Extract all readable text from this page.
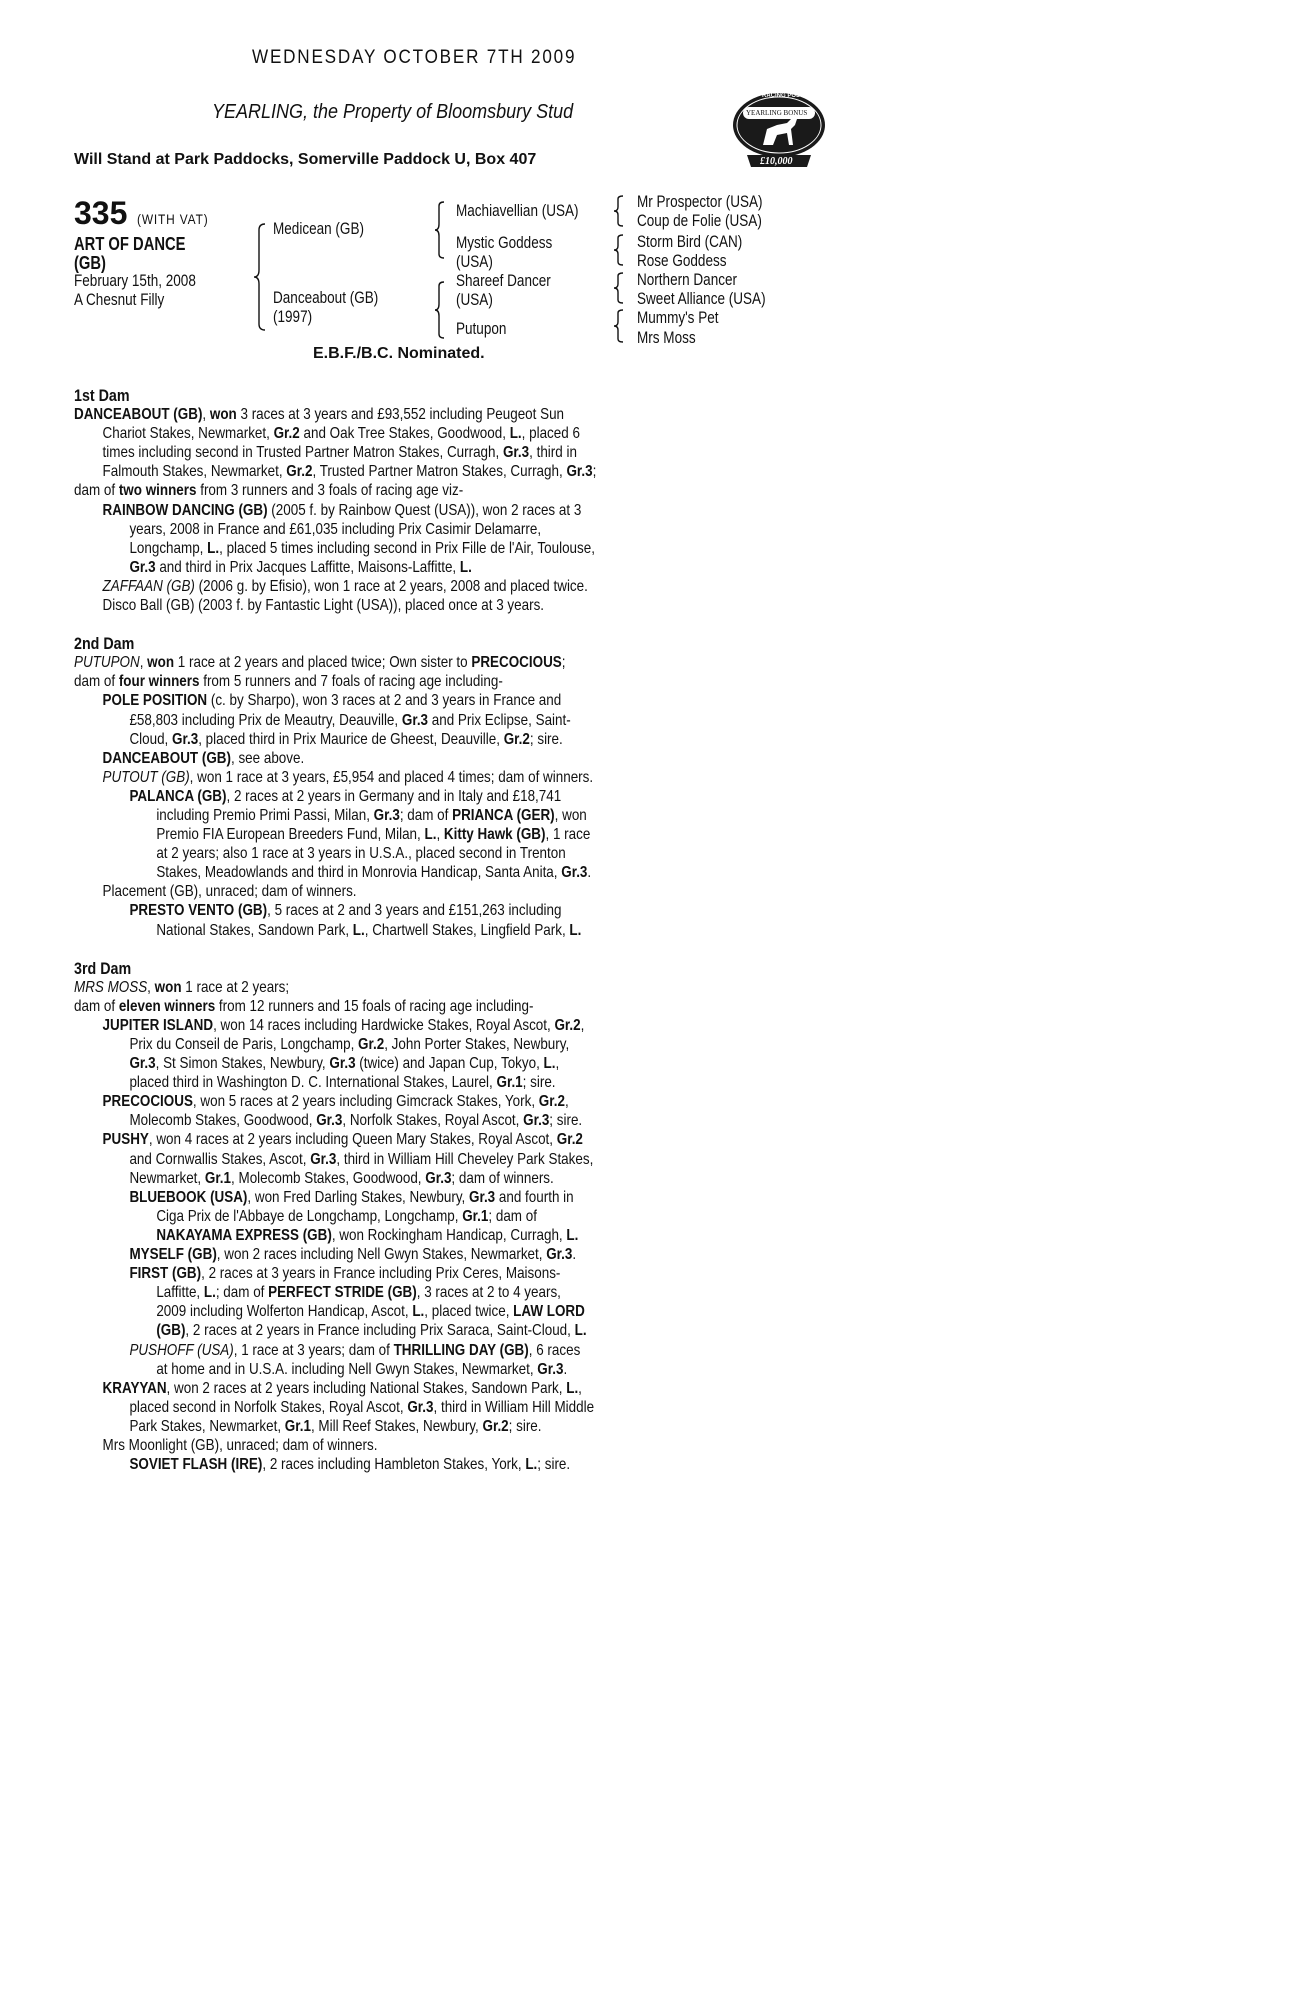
WEDNESDAY OCTOBER 7TH 2009
YEARLING, the Property of Bloomsbury Stud
Will Stand at Park Paddocks, Somerville Paddock U, Box 407
RACING POST
YEARLING BONUS
£10,000
335 (WITH VAT)
ART OF DANCE
(GB)
February 15th, 2008
A Chesnut Filly
Medicean (GB)
Danceabout (GB)
(1997)
Machiavellian (USA)
Mystic Goddess
(USA)
Shareef Dancer
(USA)
Putupon
Mr Prospector (USA)
Coup de Folie (USA)
Storm Bird (CAN)
Rose Goddess
Northern Dancer
Sweet Alliance (USA)
Mummy's Pet
Mrs Moss
E.B.F./B.C. Nominated.

1st Dam

DANCEABOUT (GB), won 3 races at 3 years and £93,552 including Peugeot Sun

Chariot Stakes, Newmarket, Gr.2 and Oak Tree Stakes, Goodwood, L., placed 6

times including second in Trusted Partner Matron Stakes, Curragh, Gr.3, third in

Falmouth Stakes, Newmarket, Gr.2, Trusted Partner Matron Stakes, Curragh, Gr.3;

dam of two winners from 3 runners and 3 foals of racing age viz-

RAINBOW DANCING (GB) (2005 f. by Rainbow Quest (USA)), won 2 races at 3

years, 2008 in France and £61,035 including Prix Casimir Delamarre,

Longchamp, L., placed 5 times including second in Prix Fille de l'Air, Toulouse,

Gr.3 and third in Prix Jacques Laffitte, Maisons-Laffitte, L.

ZAFFAAN (GB) (2006 g. by Efisio), won 1 race at 2 years, 2008 and placed twice.

Disco Ball (GB) (2003 f. by Fantastic Light (USA)), placed once at 3 years.

2nd Dam

PUTUPON, won 1 race at 2 years and placed twice; Own sister to PRECOCIOUS;

dam of four winners from 5 runners and 7 foals of racing age including-

POLE POSITION (c. by Sharpo), won 3 races at 2 and 3 years in France and

£58,803 including Prix de Meautry, Deauville, Gr.3 and Prix Eclipse, Saint-

Cloud, Gr.3, placed third in Prix Maurice de Gheest, Deauville, Gr.2; sire.

DANCEABOUT (GB), see above.

PUTOUT (GB), won 1 race at 3 years, £5,954 and placed 4 times; dam of winners.

PALANCA (GB), 2 races at 2 years in Germany and in Italy and £18,741

including Premio Primi Passi, Milan, Gr.3; dam of PRIANCA (GER), won

Premio FIA European Breeders Fund, Milan, L., Kitty Hawk (GB), 1 race

at 2 years; also 1 race at 3 years in U.S.A., placed second in Trenton

Stakes, Meadowlands and third in Monrovia Handicap, Santa Anita, Gr.3.

Placement (GB), unraced; dam of winners.

PRESTO VENTO (GB), 5 races at 2 and 3 years and £151,263 including

National Stakes, Sandown Park, L., Chartwell Stakes, Lingfield Park, L.

3rd Dam

MRS MOSS, won 1 race at 2 years;

dam of eleven winners from 12 runners and 15 foals of racing age including-

JUPITER ISLAND, won 14 races including Hardwicke Stakes, Royal Ascot, Gr.2,

Prix du Conseil de Paris, Longchamp, Gr.2, John Porter Stakes, Newbury,

Gr.3, St Simon Stakes, Newbury, Gr.3 (twice) and Japan Cup, Tokyo, L.,

placed third in Washington D. C. International Stakes, Laurel, Gr.1; sire.

PRECOCIOUS, won 5 races at 2 years including Gimcrack Stakes, York, Gr.2,

Molecomb Stakes, Goodwood, Gr.3, Norfolk Stakes, Royal Ascot, Gr.3; sire.

PUSHY, won 4 races at 2 years including Queen Mary Stakes, Royal Ascot, Gr.2

and Cornwallis Stakes, Ascot, Gr.3, third in William Hill Cheveley Park Stakes,

Newmarket, Gr.1, Molecomb Stakes, Goodwood, Gr.3; dam of winners.

BLUEBOOK (USA), won Fred Darling Stakes, Newbury, Gr.3 and fourth in

Ciga Prix de l'Abbaye de Longchamp, Longchamp, Gr.1; dam of

NAKAYAMA EXPRESS (GB), won Rockingham Handicap, Curragh, L.

MYSELF (GB), won 2 races including Nell Gwyn Stakes, Newmarket, Gr.3.

FIRST (GB), 2 races at 3 years in France including Prix Ceres, Maisons-

Laffitte, L.; dam of PERFECT STRIDE (GB), 3 races at 2 to 4 years,

2009 including Wolferton Handicap, Ascot, L., placed twice, LAW LORD

(GB), 2 races at 2 years in France including Prix Saraca, Saint-Cloud, L.

PUSHOFF (USA), 1 race at 3 years; dam of THRILLING DAY (GB), 6 races

at home and in U.S.A. including Nell Gwyn Stakes, Newmarket, Gr.3.

KRAYYAN, won 2 races at 2 years including National Stakes, Sandown Park, L.,

placed second in Norfolk Stakes, Royal Ascot, Gr.3, third in William Hill Middle

Park Stakes, Newmarket, Gr.1, Mill Reef Stakes, Newbury, Gr.2; sire.

Mrs Moonlight (GB), unraced; dam of winners.

SOVIET FLASH (IRE), 2 races including Hambleton Stakes, York, L.; sire.
